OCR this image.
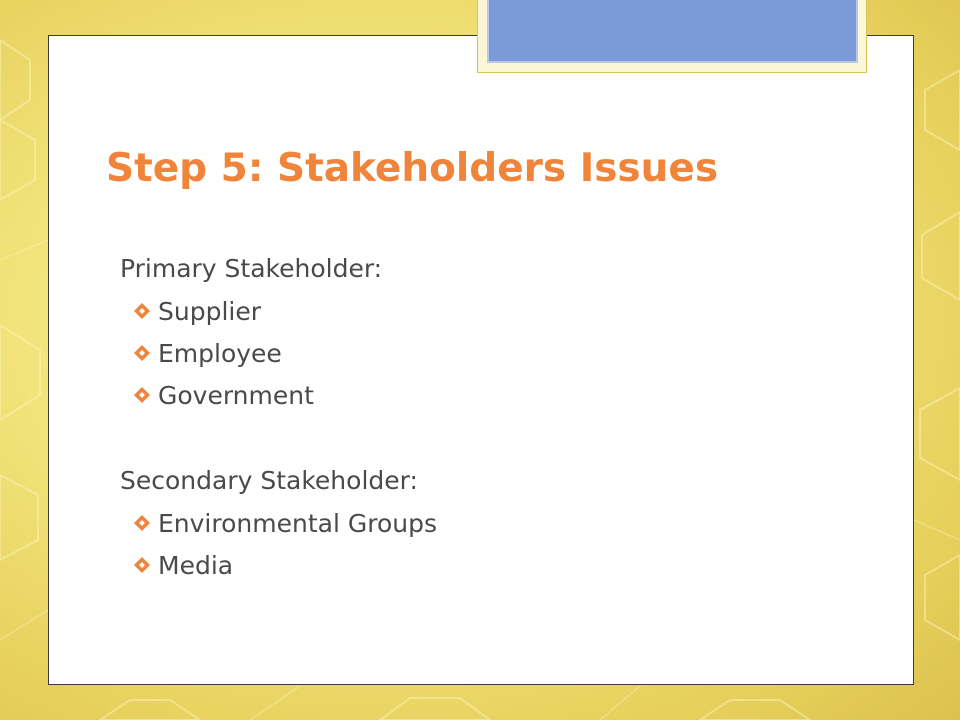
Step 5: Stakeholders Issues
Primary Stakeholder:
Supplier
Employee
Government
Secondary Stakeholder:
Environmental Groups
Media
